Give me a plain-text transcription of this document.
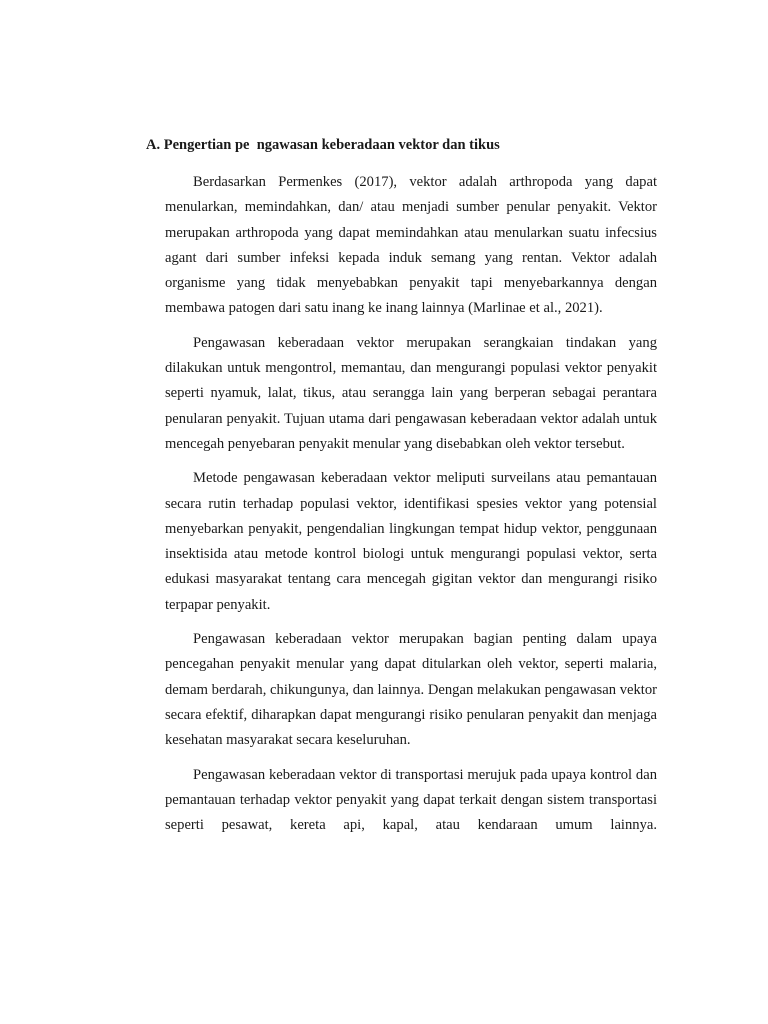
A. Pengertian pe  ngawasan keberadaan vektor dan tikus

Berdasarkan Permenkes (2017), vektor adalah arthropoda yang dapat menularkan, memindahkan, dan/ atau menjadi sumber penular penyakit. Vektor merupakan arthropoda yang dapat memindahkan atau menularkan suatu infecsius agant dari sumber infeksi kepada induk semang yang rentan. Vektor adalah organisme yang tidak menyebabkan penyakit tapi menyebarkannya dengan membawa patogen dari satu inang ke inang lainnya (Marlinae et al., 2021).

Pengawasan keberadaan vektor merupakan serangkaian tindakan yang dilakukan untuk mengontrol, memantau, dan mengurangi populasi vektor penyakit seperti nyamuk, lalat, tikus, atau serangga lain yang berperan sebagai perantara penularan penyakit. Tujuan utama dari pengawasan keberadaan vektor adalah untuk mencegah penyebaran penyakit menular yang disebabkan oleh vektor tersebut.

Metode pengawasan keberadaan vektor meliputi surveilans atau pemantauan secara rutin terhadap populasi vektor, identifikasi spesies vektor yang potensial menyebarkan penyakit, pengendalian lingkungan tempat hidup vektor, penggunaan insektisida atau metode kontrol biologi untuk mengurangi populasi vektor, serta edukasi masyarakat tentang cara mencegah gigitan vektor dan mengurangi risiko terpapar penyakit.

Pengawasan keberadaan vektor merupakan bagian penting dalam upaya pencegahan penyakit menular yang dapat ditularkan oleh vektor, seperti malaria, demam berdarah, chikungunya, dan lainnya. Dengan melakukan pengawasan vektor secara efektif, diharapkan dapat mengurangi risiko penularan penyakit dan menjaga kesehatan masyarakat secara keseluruhan.

Pengawasan keberadaan vektor di transportasi merujuk pada upaya kontrol dan pemantauan terhadap vektor penyakit yang dapat terkait dengan sistem transportasi seperti pesawat, kereta api, kapal, atau kendaraan umum lainnya.
